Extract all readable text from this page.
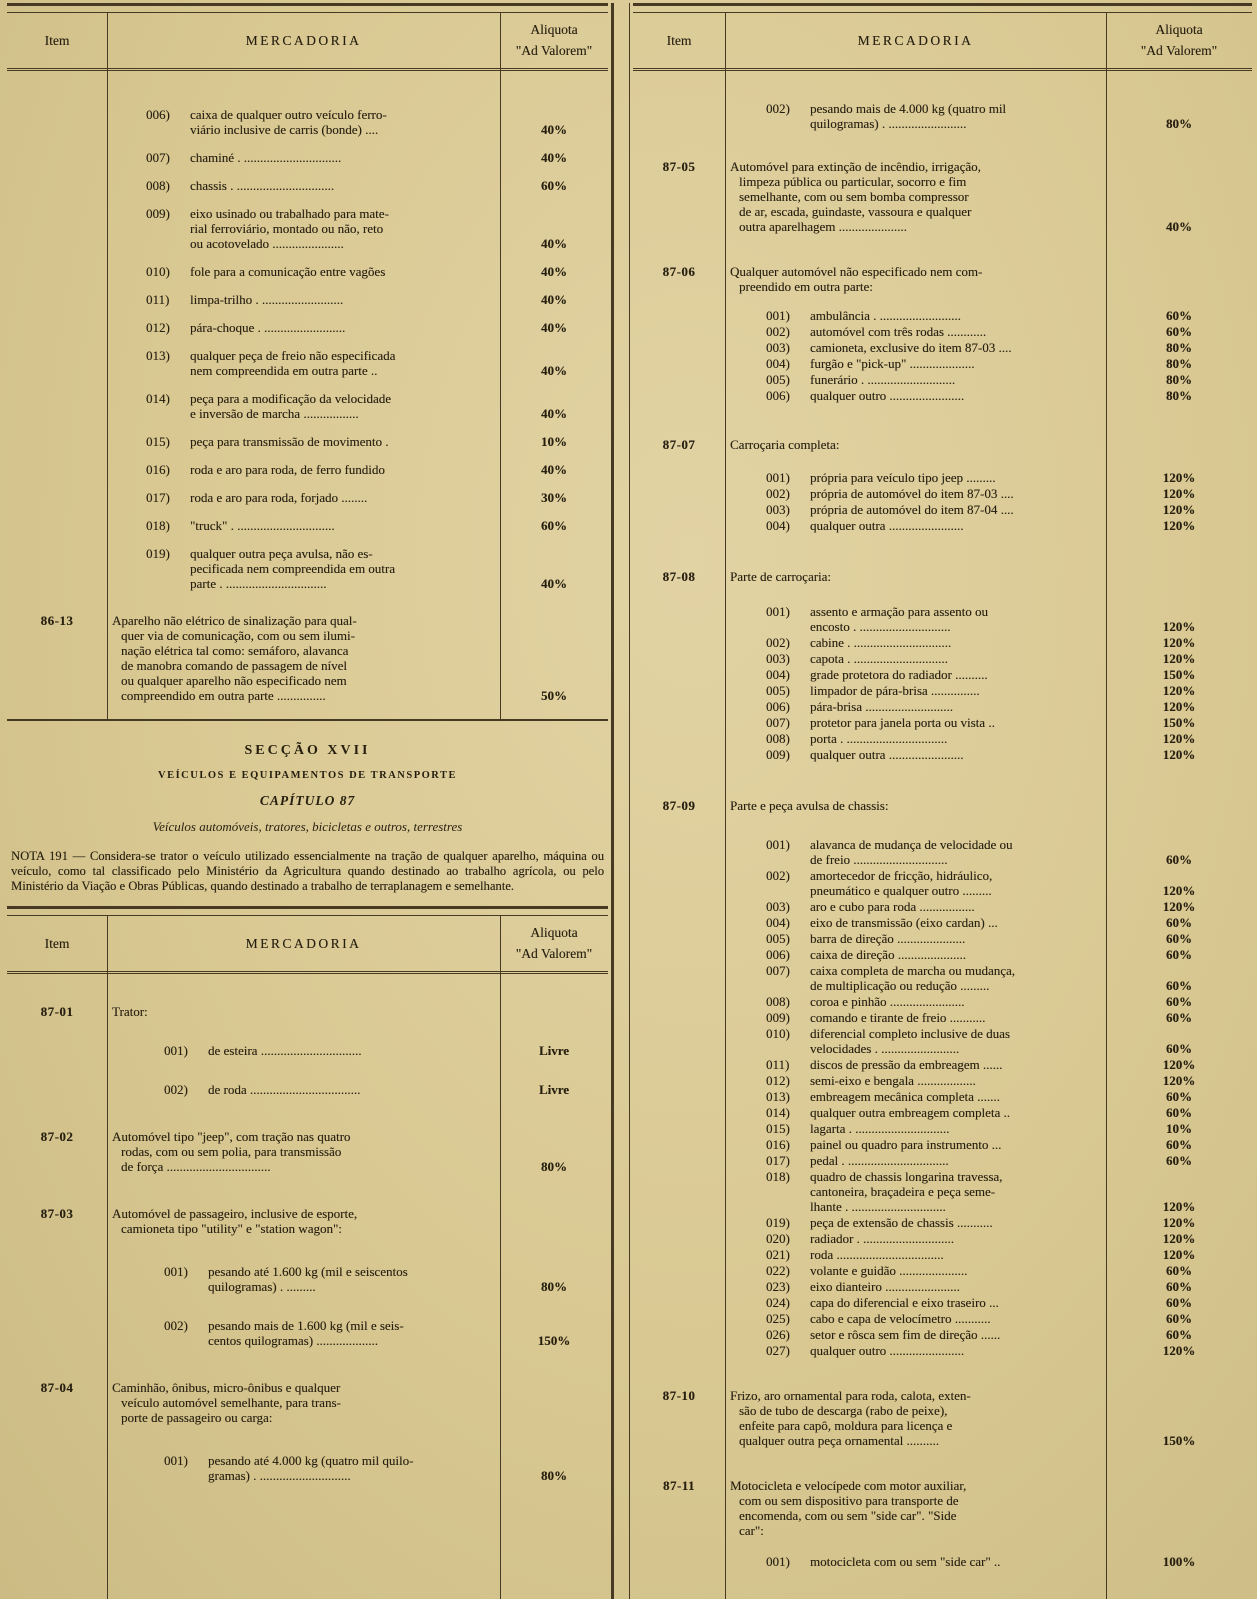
Item	MERCADORIA
Aliquota
"Ad Valorem"
006)	caixa de qualquer outro veículo ferro-
viário inclusive de carris (bonde) ....	40%
007)	chaminé . ..............................	40%
008)	chassis . ..............................	60%
009)	eixo usinado ou trabalhado para mate-
rial ferroviário, montado ou não, reto
ou acotovelado ......................	40%
010)	fole para a comunicação entre vagões	40%
011)	limpa-trilho . .........................	40%
012)	pára-choque . .........................	40%
013)	qualquer peça de freio não especificada
nem compreendida em outra parte ..	40%
014)	peça para a modificação da velocidade
e inversão de marcha .................	40%
015)	peça para transmissão de movimento .	10%
016)	roda e aro para roda, de ferro fundido	40%
017)	roda e aro para roda, forjado ........	30%
018)	"truck" . ..............................	60%
019)	qualquer outra peça avulsa, não es-
pecificada nem compreendida em outra
parte . ...............................	40%
86-13	Aparelho não elétrico de sinalização para qual-
quer via de comunicação, com ou sem ilumi-
nação elétrica tal como: semáforo, alavanca
de manobra comando de passagem de nível
ou qualquer aparelho não especificado nem
compreendido em outra parte ...............	50%
SECÇÃO XVII
VEÍCULOS E EQUIPAMENTOS DE TRANSPORTE
CAPÍTULO 87
Veículos automóveis, tratores, bicicletas e outros, terrestres
NOTA 191 — Considera-se trator o veículo utilizado essencialmente na tração de qualquer aparelho, máquina ou veículo, como tal classificado pelo Ministério da Agricultura quando destinado ao trabalho agrícola, ou pelo Ministério da Viação e Obras Públicas, quando destinado a trabalho de terraplanagem e semelhante.
Item	MERCADORIA
Aliquota
"Ad Valorem"
87-01	Trator:
001)	de esteira ...............................	Livre
002)	de roda ..................................	Livre
87-02	Automóvel tipo "jeep", com tração nas quatro
rodas, com ou sem polia, para transmissão
de força ................................	80%
87-03	Automóvel de passageiro, inclusive de esporte,
camioneta tipo "utility" e "station wagon":
001)	pesando até 1.600 kg (mil e seiscentos
quilogramas) . .........	80%
002)	pesando mais de 1.600 kg (mil e seis-
centos quilogramas) ...................	150%
87-04	Caminhão, ônibus, micro-ônibus e qualquer
veículo automóvel semelhante, para trans-
porte de passageiro ou carga:
001)	pesando até 4.000 kg (quatro mil quilo-
gramas) . ............................	80%
Item	MERCADORIA
Aliquota
"Ad Valorem"
002)	pesando mais de 4.000 kg (quatro mil
quilogramas) . ........................	80%
87-05	Automóvel para extinção de incêndio, irrigação,
limpeza pública ou particular, socorro e fim
semelhante, com ou sem bomba compressor
de ar, escada, guindaste, vassoura e qualquer
outra aparelhagem .....................	40%
87-06	Qualquer automóvel não especificado nem com-
preendido em outra parte:
001)	ambulância . .........................	60%
002)	automóvel com três rodas ............	60%
003)	camioneta, exclusive do item 87-03 ....	80%
004)	furgão e "pick-up" ....................	80%
005)	funerário . ...........................	80%
006)	qualquer outro .......................	80%
87-07	Carroçaria completa:
001)	própria para veículo tipo jeep .........	120%
002)	própria de automóvel do item 87-03 ....	120%
003)	própria de automóvel do item 87-04 ....	120%
004)	qualquer outra .......................	120%
87-08	Parte de carroçaria:
001)	assento e armação para assento ou
encosto . ............................	120%
002)	cabine . ..............................	120%
003)	capota . .............................	120%
004)	grade protetora do radiador ..........	150%
005)	limpador de pára-brisa ...............	120%
006)	pára-brisa ...........................	120%
007)	protetor para janela porta ou vista ..	150%
008)	porta . ...............................	120%
009)	qualquer outra .......................	120%
87-09	Parte e peça avulsa de chassis:
001)	alavanca de mudança de velocidade ou
de freio .............................	60%
002)	amortecedor de fricção, hidráulico,
pneumático e qualquer outro .........	120%
003)	aro e cubo para roda .................	120%
004)	eixo de transmissão (eixo cardan) ...	60%
005)	barra de direção .....................	60%
006)	caixa de direção .....................	60%
007)	caixa completa de marcha ou mudança,
de multiplicação ou redução .........	60%
008)	coroa e pinhão .......................	60%
009)	comando e tirante de freio ...........	60%
010)	diferencial completo inclusive de duas
velocidades . ........................	60%
011)	discos de pressão da embreagem ......	120%
012)	semi-eixo e bengala ..................	120%
013)	embreagem mecânica completa .......	60%
014)	qualquer outra embreagem completa ..	60%
015)	lagarta . .............................	10%
016)	painel ou quadro para instrumento ...	60%
017)	pedal . ...............................	60%
018)	quadro de chassis longarina travessa,
cantoneira, braçadeira e peça seme-
lhante . .............................	120%
019)	peça de extensão de chassis ...........	120%
020)	radiador . ............................	120%
021)	roda .................................	120%
022)	volante e guidão .....................	60%
023)	eixo dianteiro .......................	60%
024)	capa do diferencial e eixo traseiro ...	60%
025)	cabo e capa de velocímetro ...........	60%
026)	setor e rôsca sem fim de direção ......	60%
027)	qualquer outro .......................	120%
87-10	Frizo, aro ornamental para roda, calota, exten-
são de tubo de descarga (rabo de peixe),
enfeite para capô, moldura para licença e
qualquer outra peça ornamental ..........	150%
87-11	Motocicleta e velocípede com motor auxiliar,
com ou sem dispositivo para transporte de
encomenda, com ou sem "side car". "Side
car":
001)	motocicleta com ou sem "side car" ..	100%
